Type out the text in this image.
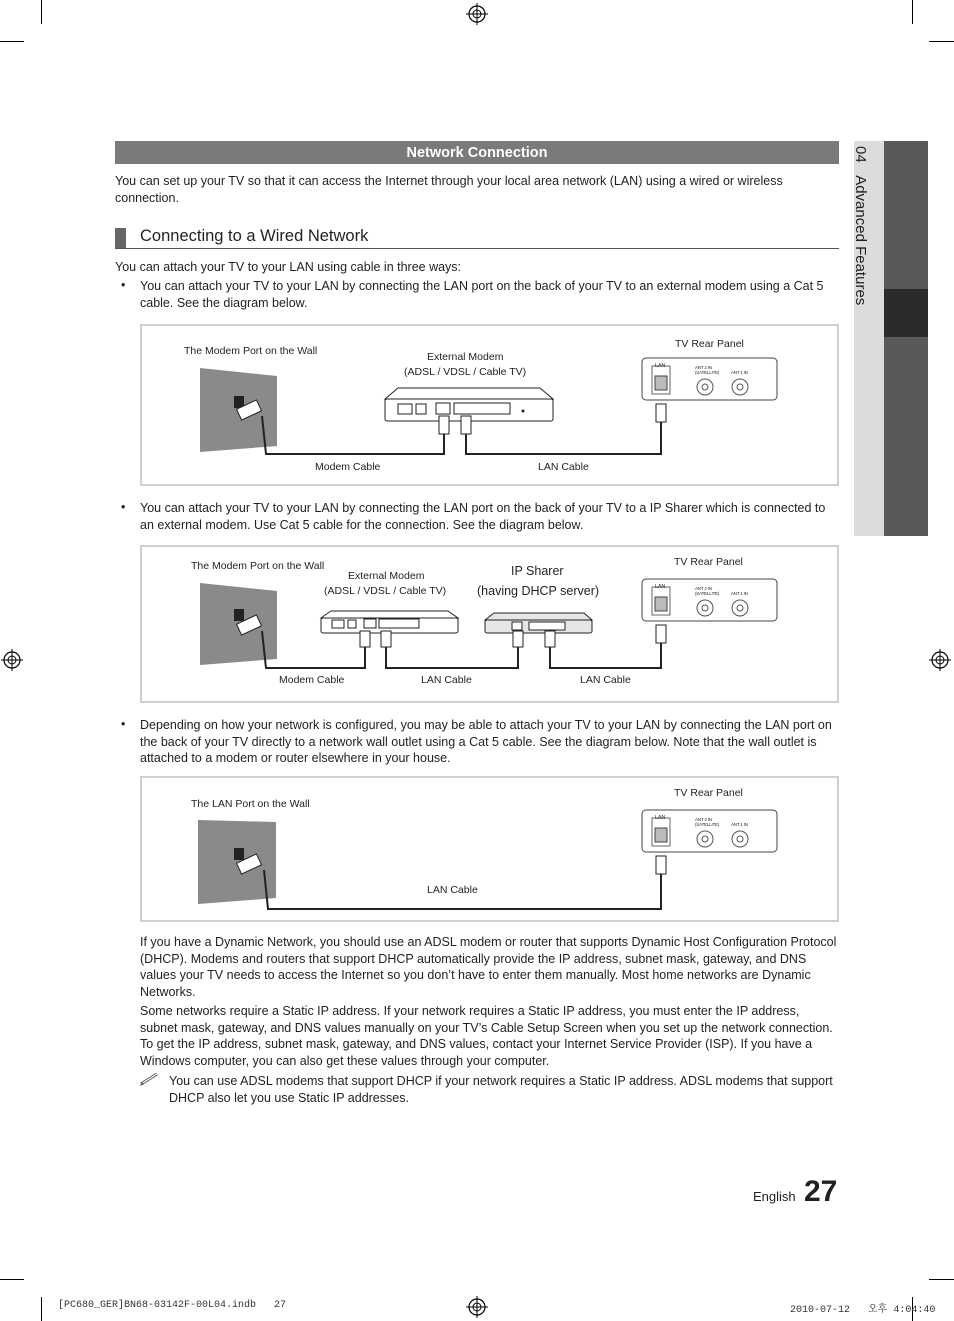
04   Advanced Features
Network Connection
You can set up your TV so that it can access the Internet through your local area network (LAN) using a wired or wireless connection.
Connecting to a Wired Network
You can attach your TV to your LAN using cable in three ways:
• You can attach your TV to your LAN by connecting the LAN port on the back of your TV to an external modem using a Cat 5 cable. See the diagram below.
The Modem Port on the Wall	External Modem
(ADSL / VDSL / Cable TV)
TV Rear Panel
Modem Cable	LAN Cable
LAN	ANT 2 IN
(SATELLITE)	ANT 1 IN
• You can attach your TV to your LAN by connecting the LAN port on the back of your TV to a IP Sharer which is connected to an external modem. Use Cat 5 cable for the connection. See the diagram below.
The Modem Port on the Wall
External Modem
(ADSL / VDSL / Cable TV)
IP Sharer
(having DHCP server)
TV Rear Panel
Modem Cable	LAN Cable	LAN Cable
LAN	ANT 2 IN
(SATELLITE)	ANT 1 IN
• Depending on how your network is configured, you may be able to attach your TV to your LAN by connecting the LAN port on the back of your TV directly to a network wall outlet using a Cat 5 cable. See the diagram below. Note that the wall outlet is attached to a modem or router elsewhere in your house.
The LAN Port on the Wall
TV Rear Panel
LAN Cable
LAN	ANT 2 IN
(SATELLITE)	ANT 1 IN
If you have a Dynamic Network, you should use an ADSL modem or router that supports Dynamic Host Configuration Protocol (DHCP). Modems and routers that support DHCP automatically provide the IP address, subnet mask, gateway, and DNS values your TV needs to access the Internet so you don’t have to enter them manually. Most home networks are Dynamic Networks.
Some networks require a Static IP address. If your network requires a Static IP address, you must enter the IP address, subnet mask, gateway, and DNS values manually on your TV’s Cable Setup Screen when you set up the network connection. To get the IP address, subnet mask, gateway, and DNS values, contact your Internet Service Provider (ISP). If you have a Windows computer, you can also get these values through your computer.
You can use ADSL modems that support DHCP if your network requires a Static IP address. ADSL modems that support DHCP also let you use Static IP addresses.
English 27
[PC680_GER]BN68-03142F-00L04.indb   27	2010-07-12   오후 4:04:40
